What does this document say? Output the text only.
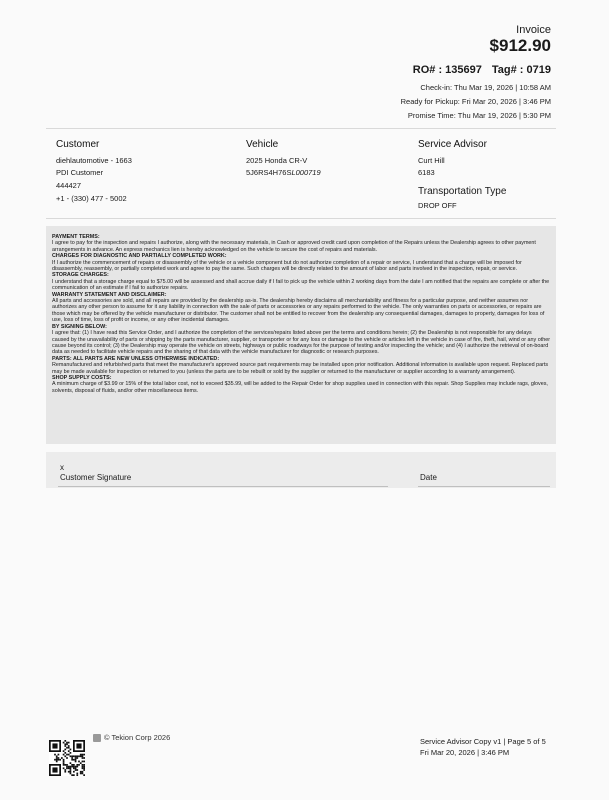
Invoice
$912.90
RO# : 135697 Tag# : 0719
Check-in: Thu Mar 19, 2026 | 10:58 AM
Ready for Pickup: Fri Mar 20, 2026 | 3:46 PM
Promise Time: Thu Mar 19, 2026 | 5:30 PM
Customer
diehlautomotive - 1663
PDI Customer
444427
+1 - (330) 477 - 5002
Vehicle
2025 Honda CR-V
5J6RS4H76SL000719
Service Advisor
Curt Hill
6183
Transportation Type
DROP OFF
PAYMENT TERMS:

I agree to pay for the inspection and repairs I authorize, along with the necessary materials, in Cash or approved credit card upon completion of the Repairs unless the Dealership agrees to other payment arrangements in advance. An express mechanics lien is hereby acknowledged on the vehicle to secure the cost of repairs and materials.

CHARGES FOR DIAGNOSTIC AND PARTIALLY COMPLETED WORK:

If I authorize the commencement of repairs or disassembly of the vehicle or a vehicle component but do not authorize completion of a repair or service, I understand that a charge will be imposed for disassembly, reassembly, or partially completed work and agree to pay the same. Such charges will be directly related to the amount of labor and parts involved in the inspection, repair, or service.

STORAGE CHARGES:

I understand that a storage charge equal to $75.00 will be assessed and shall accrue daily if I fail to pick up the vehicle within 2 working days from the date I am notified that the repairs are complete or after the communication of an estimate if I fail to authorize repairs.

WARRANTY STATEMENT AND DISCLAIMER:

All parts and accessories are sold, and all repairs are provided by the dealership as-is. The dealership hereby disclaims all merchantability and fitness for a particular purpose, and neither assumes nor authorizes any other person to assume for it any liability in connection with the sale of parts or accessories or any repairs performed to the vehicle. The only warranties on parts or accessories, or repairs are those which may be offered by the vehicle manufacturer or distributor. The customer shall not be entitled to recover from the dealership any consequential damages, damages to property, damages for loss of use, loss of time, loss of profit or income, or any other incidental damages.

BY SIGNING BELOW:

I agree that: (1) I have read this Service Order, and I authorize the completion of the services/repairs listed above per the terms and conditions herein; (2) the Dealership is not responsible for any delays caused by the unavailability of parts or shipping by the parts manufacturer, supplier, or transporter or for any loss or damage to the vehicle or articles left in the vehicle in case of fire, theft, hail, wind or any other cause beyond its control; (3) the Dealership may operate the vehicle on streets, highways or public roadways for the purpose of testing and/or inspecting the vehicle; and (4) I authorize the retrieval of on-board data as needed to facilitate vehicle repairs and the sharing of that data with the vehicle manufacturer for diagnostic or research purposes.

PARTS: ALL PARTS ARE NEW UNLESS OTHERWISE INDICATED:

Remanufactured and refurbished parts that meet the manufacturer's approved source part requirements may be installed upon prior notification. Additional information is available upon request. Replaced parts may be made available for inspection or returned to you (unless the parts are to be rebuilt or sold by the supplier or returned to the manufacturer or supplier according to a warranty arrangement).

SHOP SUPPLY COSTS:

A minimum charge of $3.99 or 15% of the total labor cost, not to exceed $35.99, will be added to the Repair Order for shop supplies used in connection with this repair. Shop Supplies may include rags, gloves, solvents, disposal of fluids, and/or other miscellaneous items.

x
Customer Signature	Date
© Tekion Corp 2026	Service Advisor Copy v1 | Page 5 of 5
Fri Mar 20, 2026 | 3:46 PM
